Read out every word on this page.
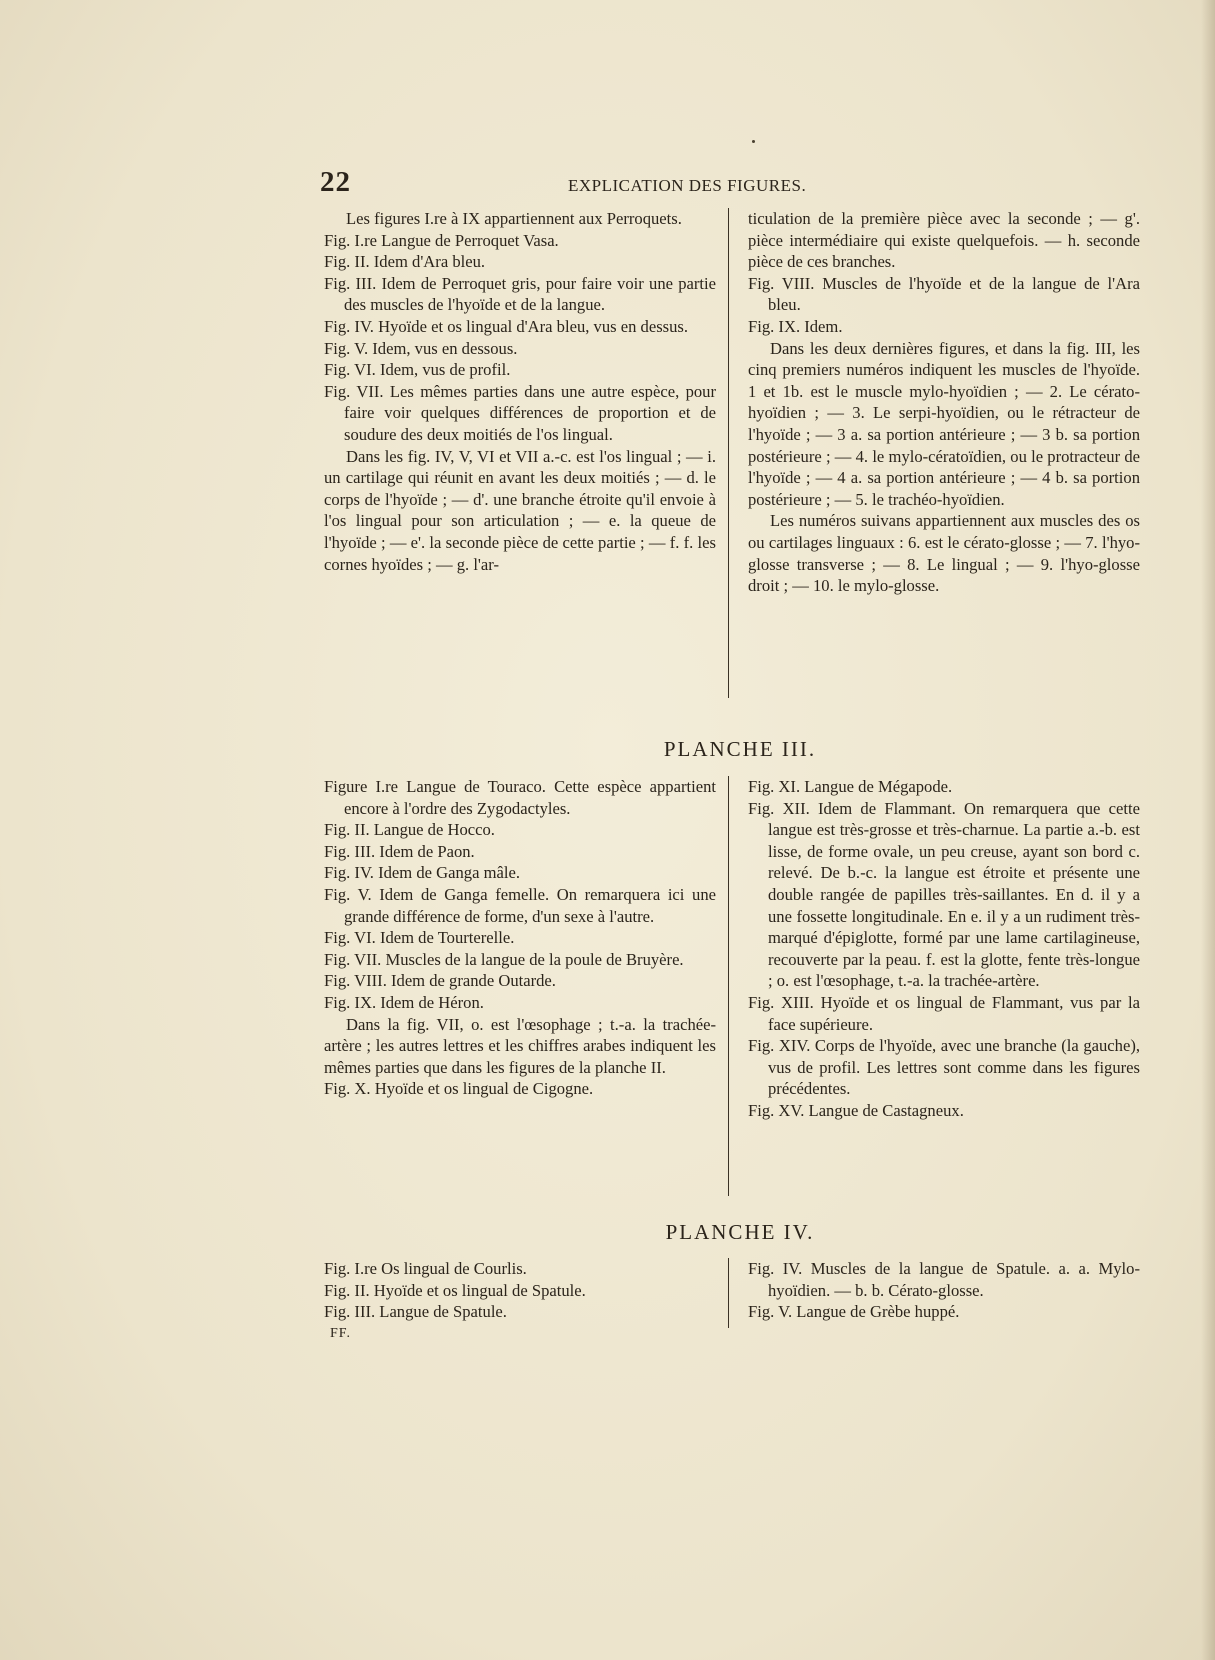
22	EXPLICATION DES FIGURES.

Les figures I.re à IX appartiennent aux Perroquets.

Fig. I.re Langue de Perroquet Vasa.

Fig. II. Idem d'Ara bleu.

Fig. III. Idem de Perroquet gris, pour faire voir une partie des muscles de l'hyoïde et de la langue.

Fig. IV. Hyoïde et os lingual d'Ara bleu, vus en dessus.

Fig. V. Idem, vus en dessous.

Fig. VI. Idem, vus de profil.

Fig. VII. Les mêmes parties dans une autre espèce, pour faire voir quelques différences de proportion et de soudure des deux moitiés de l'os lingual.

Dans les fig. IV, V, VI et VII a.-c. est l'os lingual ; — i. un cartilage qui réunit en avant les deux moitiés ; — d. le corps de l'hyoïde ; — d'. une branche étroite qu'il envoie à l'os lingual pour son articulation ; — e. la queue de l'hyoïde ; — e'. la seconde pièce de cette partie ; — f. f. les cornes hyoïdes ; — g. l'ar-

ticulation de la première pièce avec la seconde ; — g'. pièce intermédiaire qui existe quelquefois. — h. seconde pièce de ces branches.

Fig. VIII. Muscles de l'hyoïde et de la langue de l'Ara bleu.

Fig. IX. Idem.

Dans les deux dernières figures, et dans la fig. III, les cinq premiers numéros indiquent les muscles de l'hyoïde. 1 et 1b. est le muscle mylo-hyoïdien ; — 2. Le cérato-hyoïdien ; — 3. Le serpi-hyoïdien, ou le rétracteur de l'hyoïde ; — 3 a. sa portion antérieure ; — 3 b. sa portion postérieure ; — 4. le mylo-cératoïdien, ou le protracteur de l'hyoïde ; — 4 a. sa portion antérieure ; — 4 b. sa portion postérieure ; — 5. le trachéo-hyoïdien.

Les numéros suivans appartiennent aux muscles des os ou cartilages linguaux : 6. est le cérato-glosse ; — 7. l'hyo-glosse transverse ; — 8. Le lingual ; — 9. l'hyo-glosse droit ; — 10. le mylo-glosse.

PLANCHE III.

Figure I.re Langue de Touraco. Cette espèce appartient encore à l'ordre des Zygodactyles.

Fig. II. Langue de Hocco.

Fig. III. Idem de Paon.

Fig. IV. Idem de Ganga mâle.

Fig. V. Idem de Ganga femelle. On remarquera ici une grande différence de forme, d'un sexe à l'autre.

Fig. VI. Idem de Tourterelle.

Fig. VII. Muscles de la langue de la poule de Bruyère.

Fig. VIII. Idem de grande Outarde.

Fig. IX. Idem de Héron.

Dans la fig. VII, o. est l'œsophage ; t.-a. la trachée-artère ; les autres lettres et les chiffres arabes indiquent les mêmes parties que dans les figures de la planche II.

Fig. X. Hyoïde et os lingual de Cigogne.

Fig. XI. Langue de Mégapode.

Fig. XII. Idem de Flammant. On remarquera que cette langue est très-grosse et très-charnue. La partie a.-b. est lisse, de forme ovale, un peu creuse, ayant son bord c. relevé. De b.-c. la langue est étroite et présente une double rangée de papilles très-saillantes. En d. il y a une fossette longitudinale. En e. il y a un rudiment très-marqué d'épiglotte, formé par une lame cartilagineuse, recouverte par la peau. f. est la glotte, fente très-longue ; o. est l'œsophage, t.-a. la trachée-artère.

Fig. XIII. Hyoïde et os lingual de Flammant, vus par la face supérieure.

Fig. XIV. Corps de l'hyoïde, avec une branche (la gauche), vus de profil. Les lettres sont comme dans les figures précédentes.

Fig. XV. Langue de Castagneux.

PLANCHE IV.

Fig. I.re Os lingual de Courlis.

Fig. II. Hyoïde et os lingual de Spatule.

Fig. III. Langue de Spatule.

Fig. IV. Muscles de la langue de Spatule. a. a. Mylo-hyoïdien. — b. b. Cérato-glosse.

Fig. V. Langue de Grèbe huppé.

FF.
